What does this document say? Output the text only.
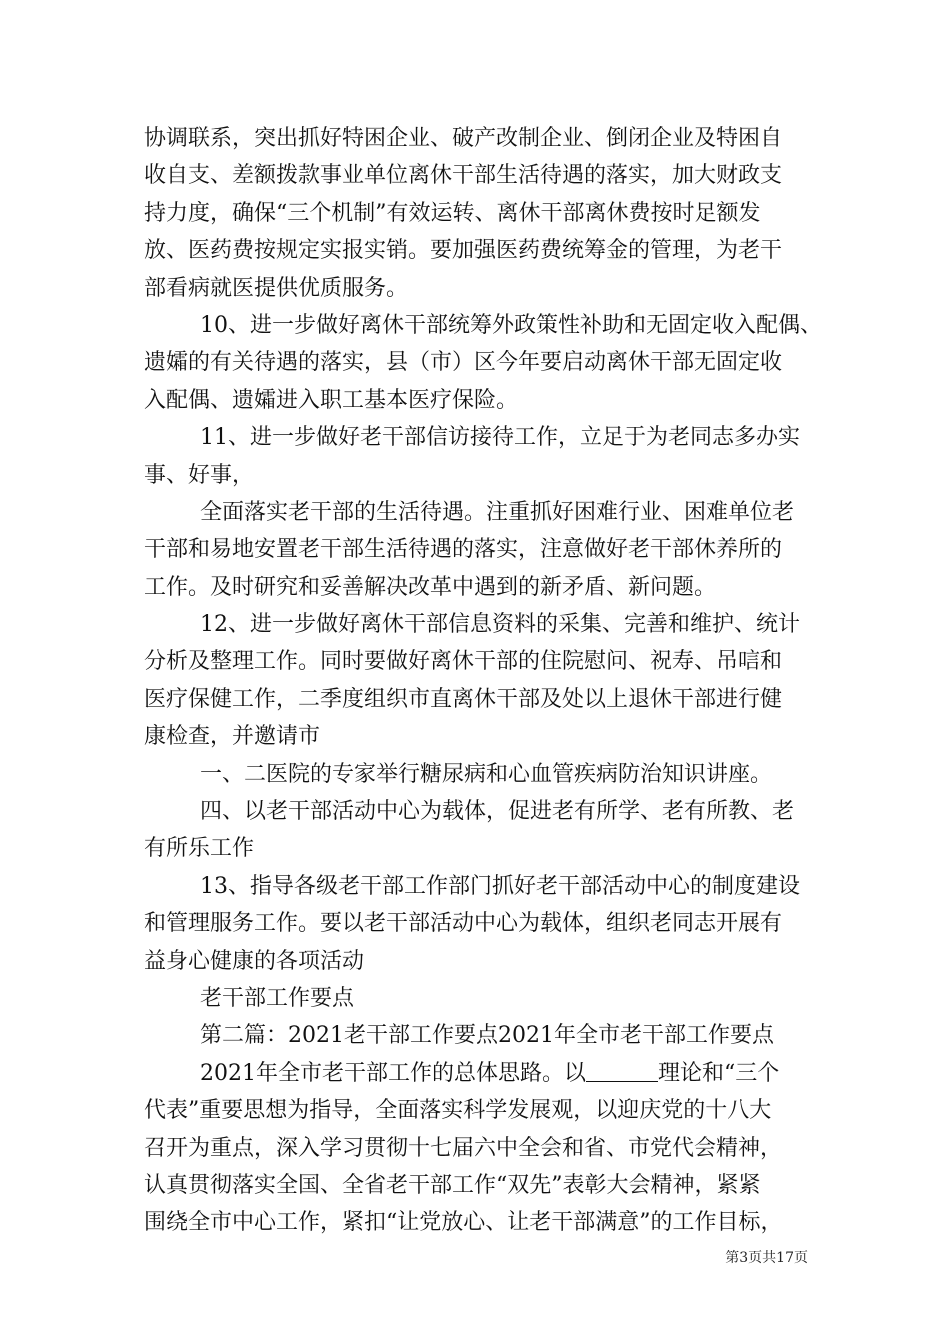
协调联系，突出抓好特困企业、破产改制企业、倒闭企业及特困自
收自支、差额拨款事业单位离休干部生活待遇的落实，加大财政支
持力度，确保“三个机制”有效运转、离休干部离休费按时足额发
放、医药费按规定实报实销。要加强医药费统筹金的管理，为老干
部看病就医提供优质服务。
10、进一步做好离休干部统筹外政策性补助和无固定收入配偶、
遗孀的有关待遇的落实，县（市）区今年要启动离休干部无固定收
入配偶、遗孀进入职工基本医疗保险。
11、进一步做好老干部信访接待工作，立足于为老同志多办实
事、好事，
全面落实老干部的生活待遇。注重抓好困难行业、困难单位老
干部和易地安置老干部生活待遇的落实，注意做好老干部休养所的
工作。及时研究和妥善解决改革中遇到的新矛盾、新问题。
12、进一步做好离休干部信息资料的采集、完善和维护、统计
分析及整理工作。同时要做好离休干部的住院慰问、祝寿、吊唁和
医疗保健工作，二季度组织市直离休干部及处以上退休干部进行健
康检查，并邀请市
一、二医院的专家举行糖尿病和心血管疾病防治知识讲座。
四、以老干部活动中心为载体，促进老有所学、老有所教、老
有所乐工作
13、指导各级老干部工作部门抓好老干部活动中心的制度建设
和管理服务工作。要以老干部活动中心为载体，组织老同志开展有
益身心健康的各项活动
老干部工作要点
第二篇：2021老干部工作要点2021年全市老干部工作要点
2021年全市老干部工作的总体思路。以	理论和“三个
代表”重要思想为指导，全面落实科学发展观，以迎庆党的十八大
召开为重点，深入学习贯彻十七届六中全会和省、市党代会精神，
认真贯彻落实全国、全省老干部工作“双先”表彰大会精神，紧紧
围绕全市中心工作，紧扣“让党放心、让老干部满意”的工作目标，
第3页共17页
